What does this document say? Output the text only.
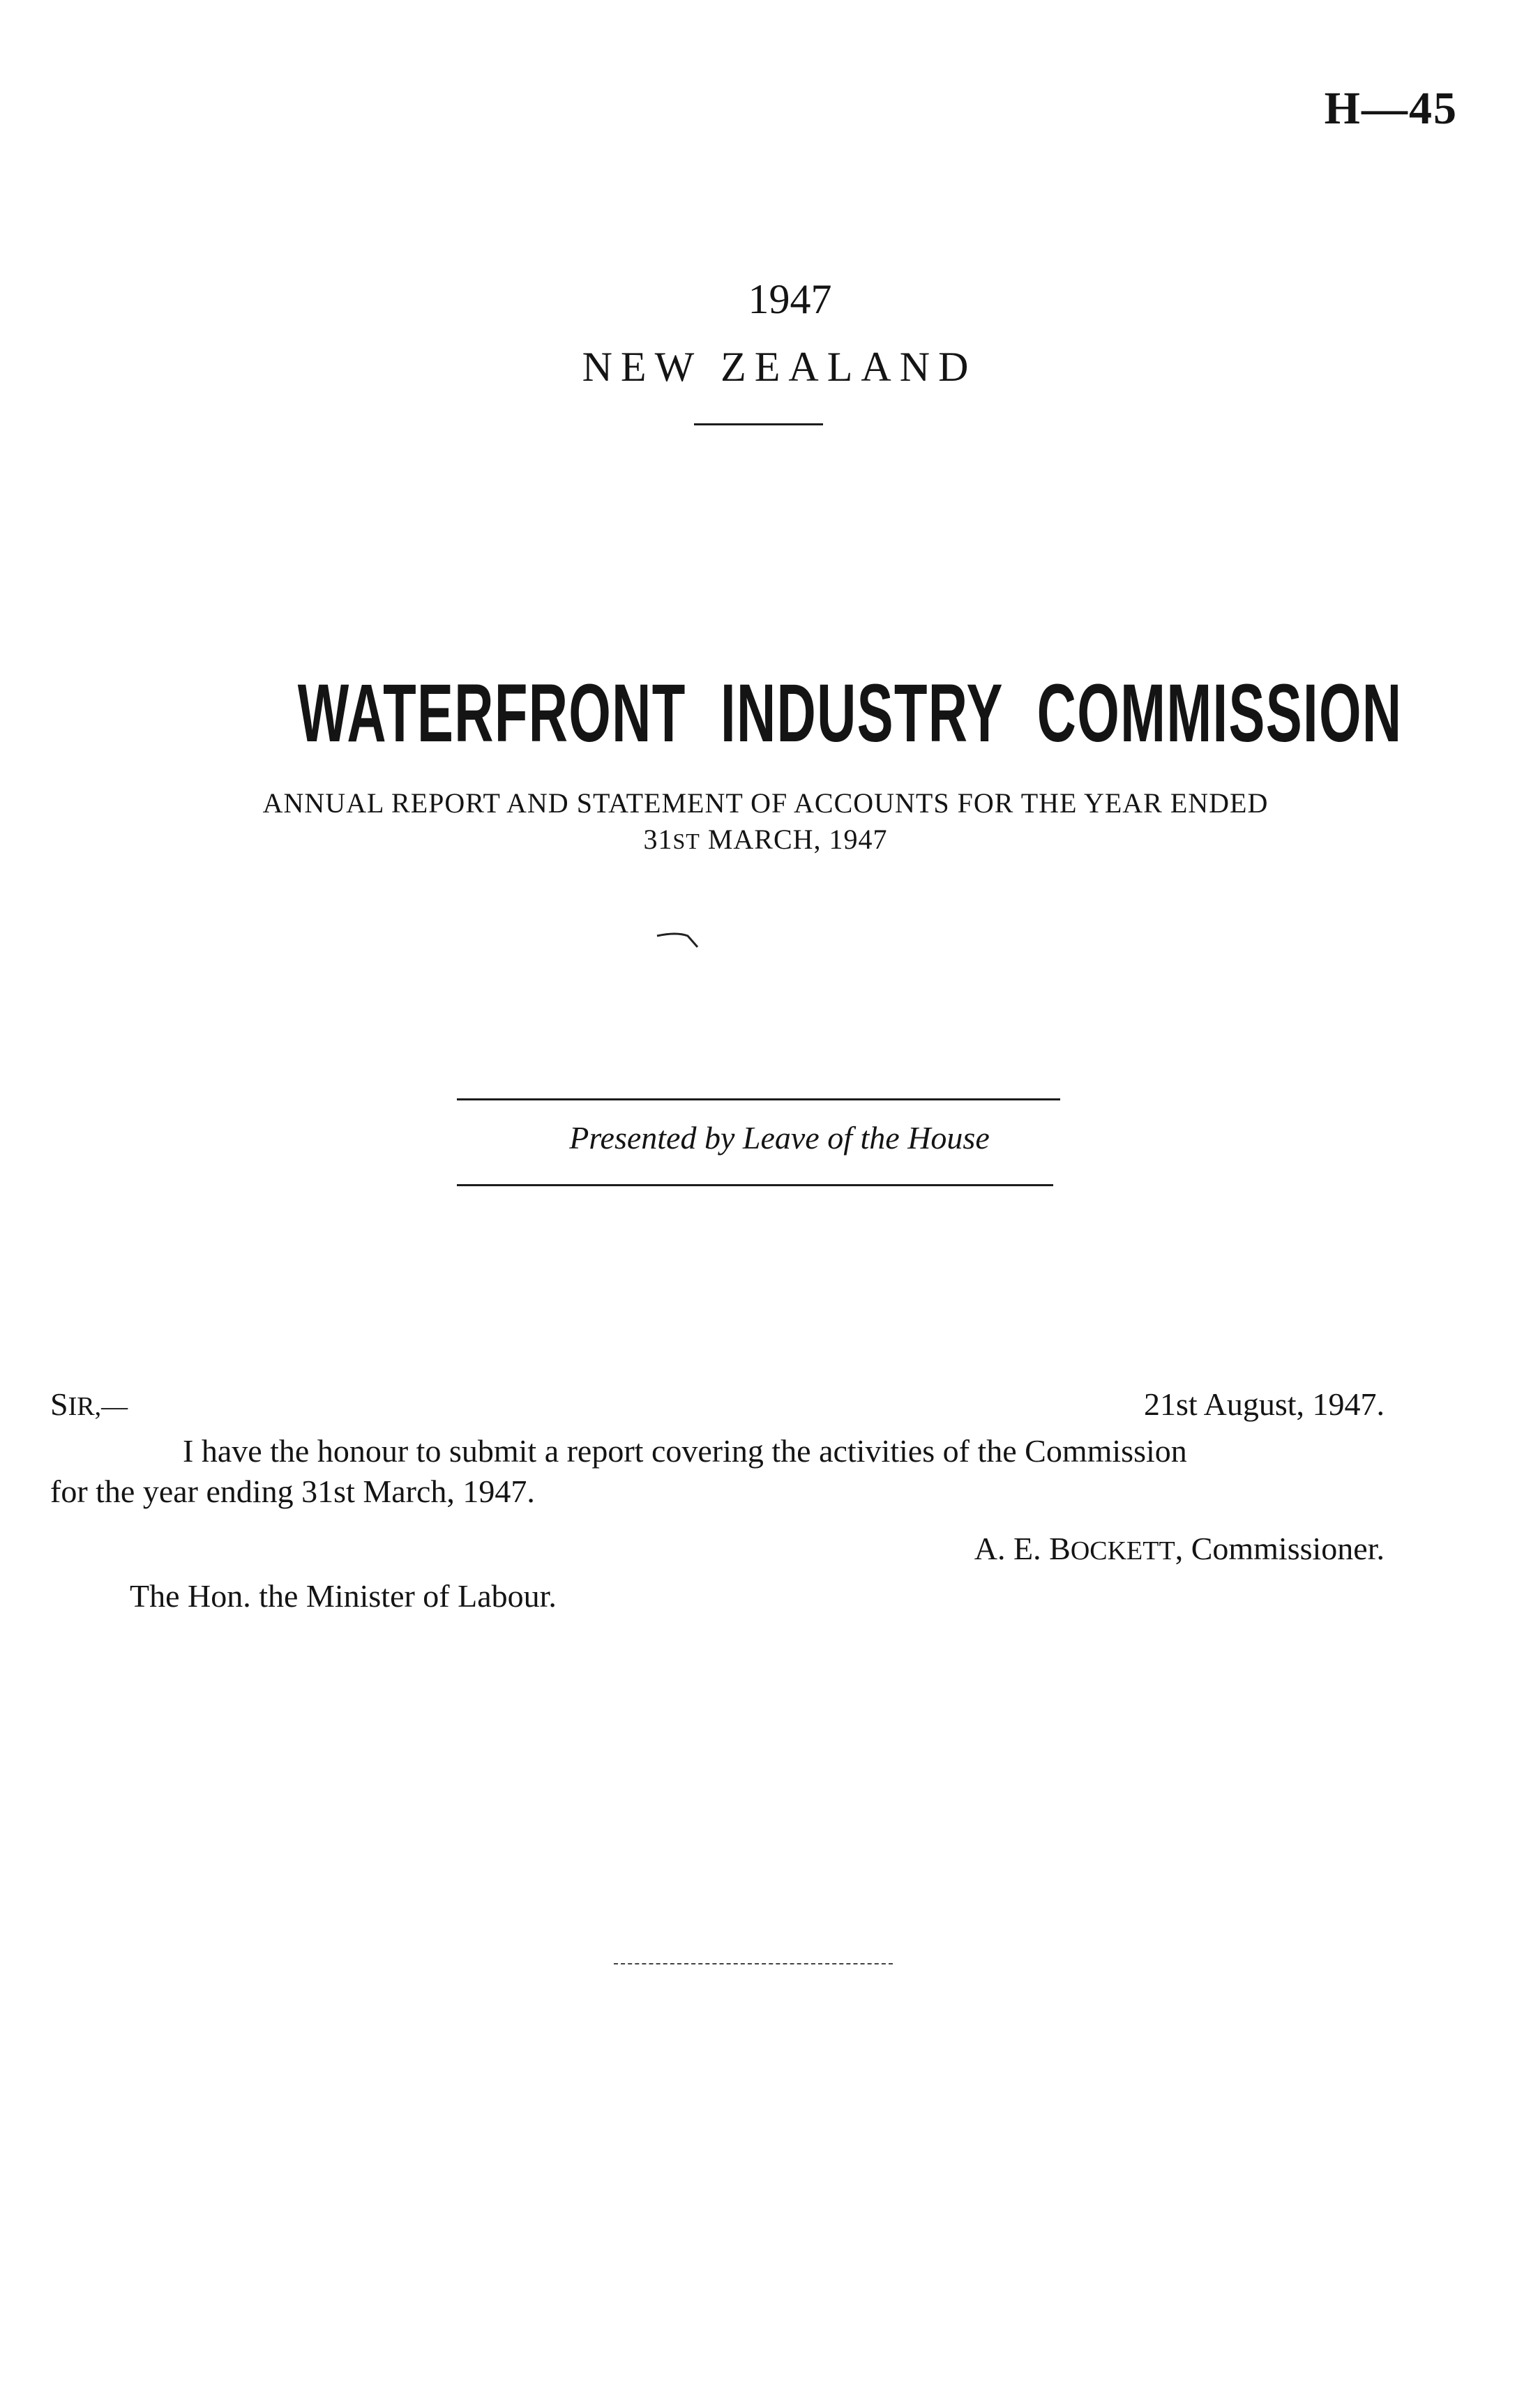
H—45
1947
NEW ZEALAND
WATERFRONT INDUSTRY COMMISSION
ANNUAL REPORT AND STATEMENT OF ACCOUNTS FOR THE YEAR ENDED
31ST MARCH, 1947
Presented by Leave of the House
SIR,—	21st August, 1947.
I have the honour to submit a report covering the activities of the Commission
for the year ending 31st March, 1947.
A. E. BOCKETT, Commissioner.
The Hon. the Minister of Labour.
